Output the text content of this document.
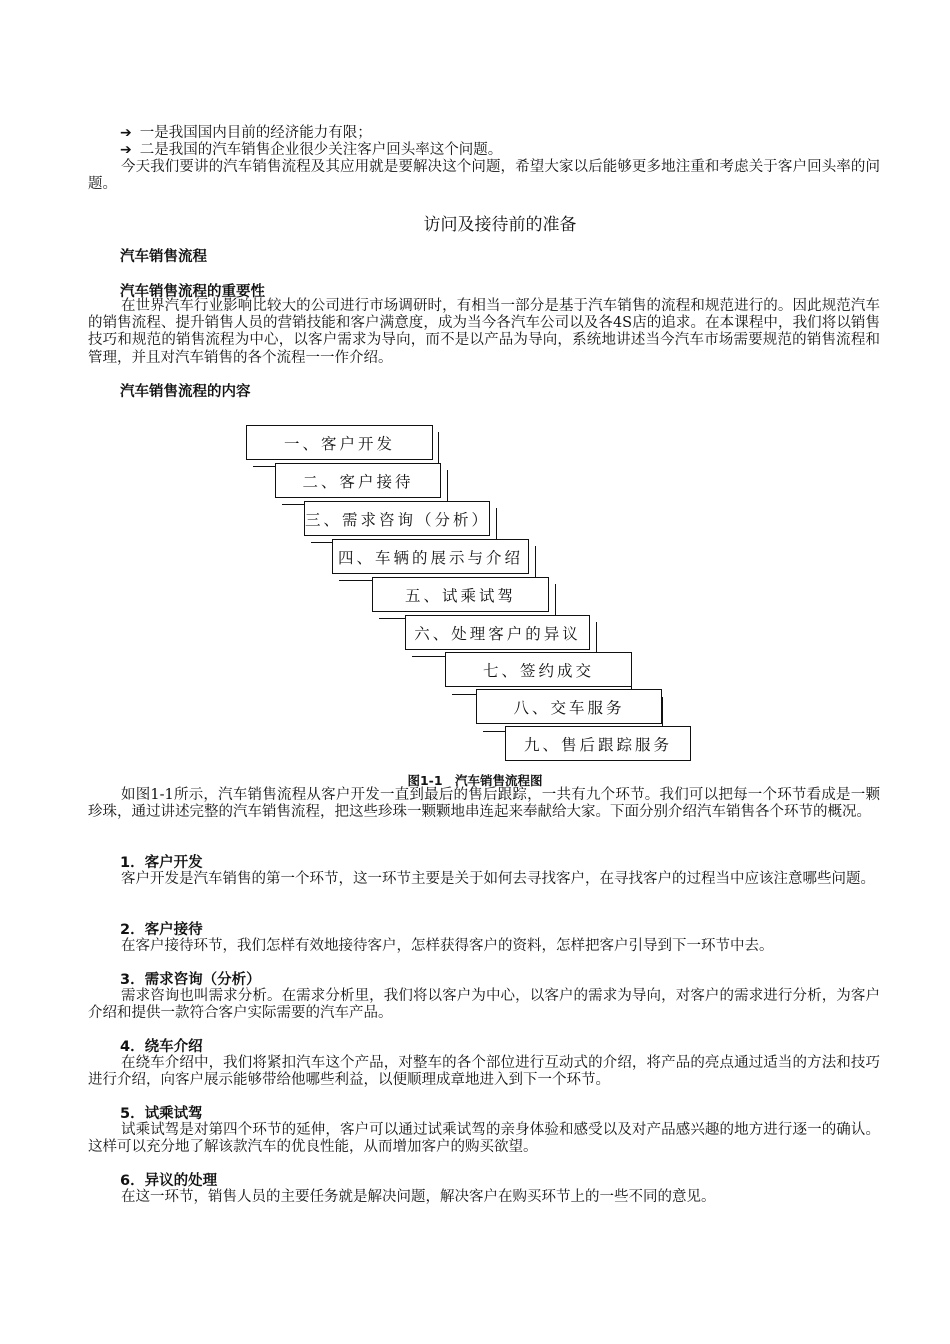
➔ 一是我国国内目前的经济能力有限；
➔ 二是我国的汽车销售企业很少关注客户回头率这个问题。

今天我们要讲的汽车销售流程及其应用就是要解决这个问题，希望大家以后能够更多地注重和考虑关于客户回头率的问题。

访问及接待前的准备
汽车销售流程
汽车销售流程的重要性

在世界汽车行业影响比较大的公司进行市场调研时，有相当一部分是基于汽车销售的流程和规范进行的。因此规范汽车的销售流程、提升销售人员的营销技能和客户满意度，成为当今各汽车公司以及各4S店的追求。在本课程中，我们将以销售技巧和规范的销售流程为中心，以客户需求为导向，而不是以产品为导向，系统地讲述当今汽车市场需要规范的销售流程和管理，并且对汽车销售的各个流程一一作介绍。

汽车销售流程的内容
一、客户开发
二、客户接待
三、需求咨询（分析）
四、车辆的展示与介绍
五、试乘试驾
六、处理客户的异议
七、签约成交
八、交车服务
九、售后跟踪服务
图1-1　汽车销售流程图

如图1-1所示，汽车销售流程从客户开发一直到最后的售后跟踪，一共有九个环节。我们可以把每一个环节看成是一颗珍珠，通过讲述完整的汽车销售流程，把这些珍珠一颗颗地串连起来奉献给大家。下面分别介绍汽车销售各个环节的概况。

1．客户开发

客户开发是汽车销售的第一个环节，这一环节主要是关于如何去寻找客户，在寻找客户的过程当中应该注意哪些问题。

2．客户接待

在客户接待环节，我们怎样有效地接待客户，怎样获得客户的资料，怎样把客户引导到下一环节中去。

3．需求咨询（分析）

需求咨询也叫需求分析。在需求分析里，我们将以客户为中心，以客户的需求为导向，对客户的需求进行分析，为客户介绍和提供一款符合客户实际需要的汽车产品。

4．绕车介绍

在绕车介绍中，我们将紧扣汽车这个产品，对整车的各个部位进行互动式的介绍，将产品的亮点通过适当的方法和技巧进行介绍，向客户展示能够带给他哪些利益，以便顺理成章地进入到下一个环节。

5．试乘试驾

试乘试驾是对第四个环节的延伸，客户可以通过试乘试驾的亲身体验和感受以及对产品感兴趣的地方进行逐一的确认。这样可以充分地了解该款汽车的优良性能，从而增加客户的购买欲望。

6．异议的处理

在这一环节，销售人员的主要任务就是解决问题，解决客户在购买环节上的一些不同的意见。
